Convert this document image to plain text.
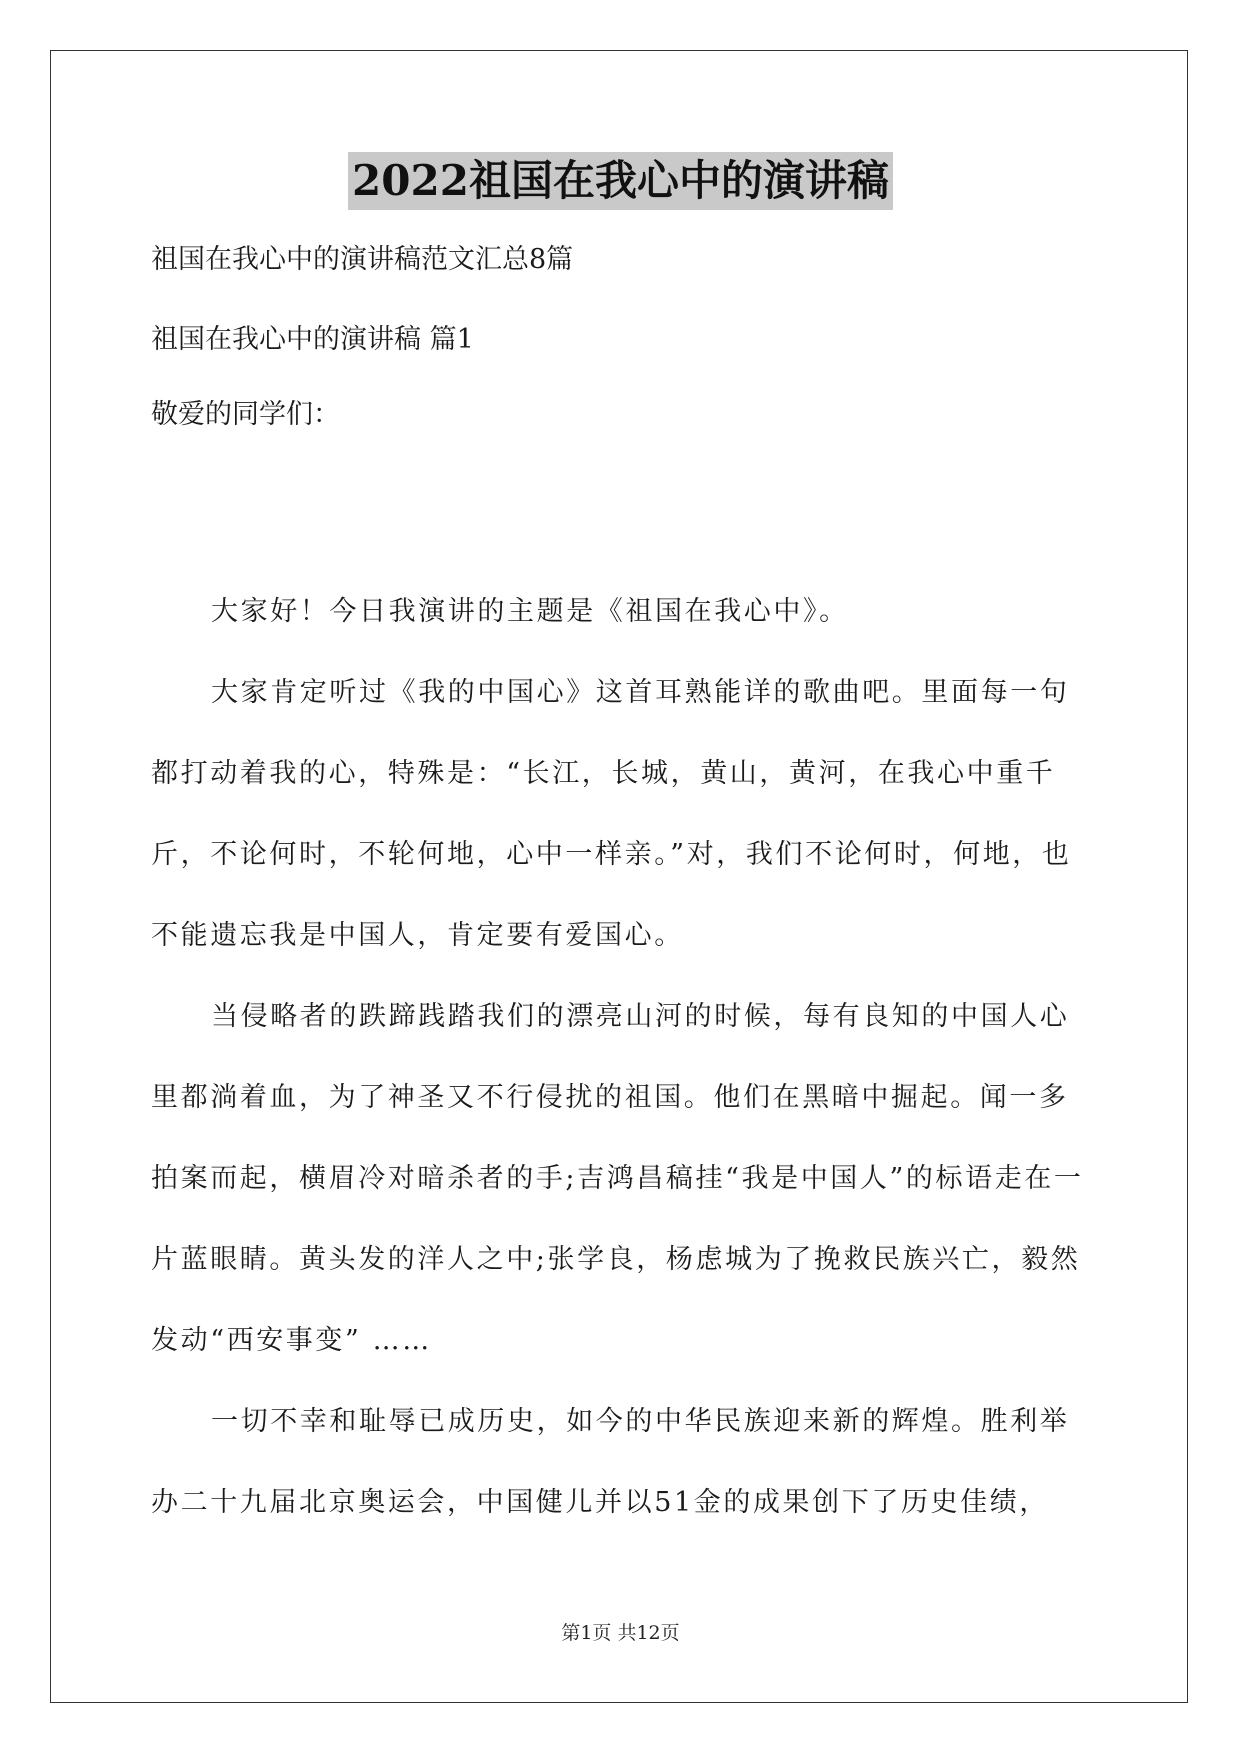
2022祖国在我心中的演讲稿
祖国在我心中的演讲稿范文汇总8篇
祖国在我心中的演讲稿 篇1
敬爱的同学们：
大家好！今日我演讲的主题是《祖国在我心中》。
大家肯定听过《我的中国心》这首耳熟能详的歌曲吧。里面每一句都打动着我的心，特殊是：“长江，长城，黄山，黄河，在我心中重千斤，不论何时，不轮何地，心中一样亲。”对，我们不论何时，何地，也不能遗忘我是中国人，肯定要有爱国心。
当侵略者的跌蹄践踏我们的漂亮山河的时候，每有良知的中国人心里都淌着血，为了神圣又不行侵扰的祖国。他们在黑暗中掘起。闻一多拍案而起，横眉冷对暗杀者的手;吉鸿昌稿挂“我是中国人”的标语走在一片蓝眼睛。黄头发的洋人之中;张学良，杨虑城为了挽救民族兴亡，毅然发动“西安事变” ……
一切不幸和耻辱已成历史，如今的中华民族迎来新的辉煌。胜利举办二十九届北京奥运会，中国健儿并以51金的成果创下了历史佳绩，
第1页 共12页
